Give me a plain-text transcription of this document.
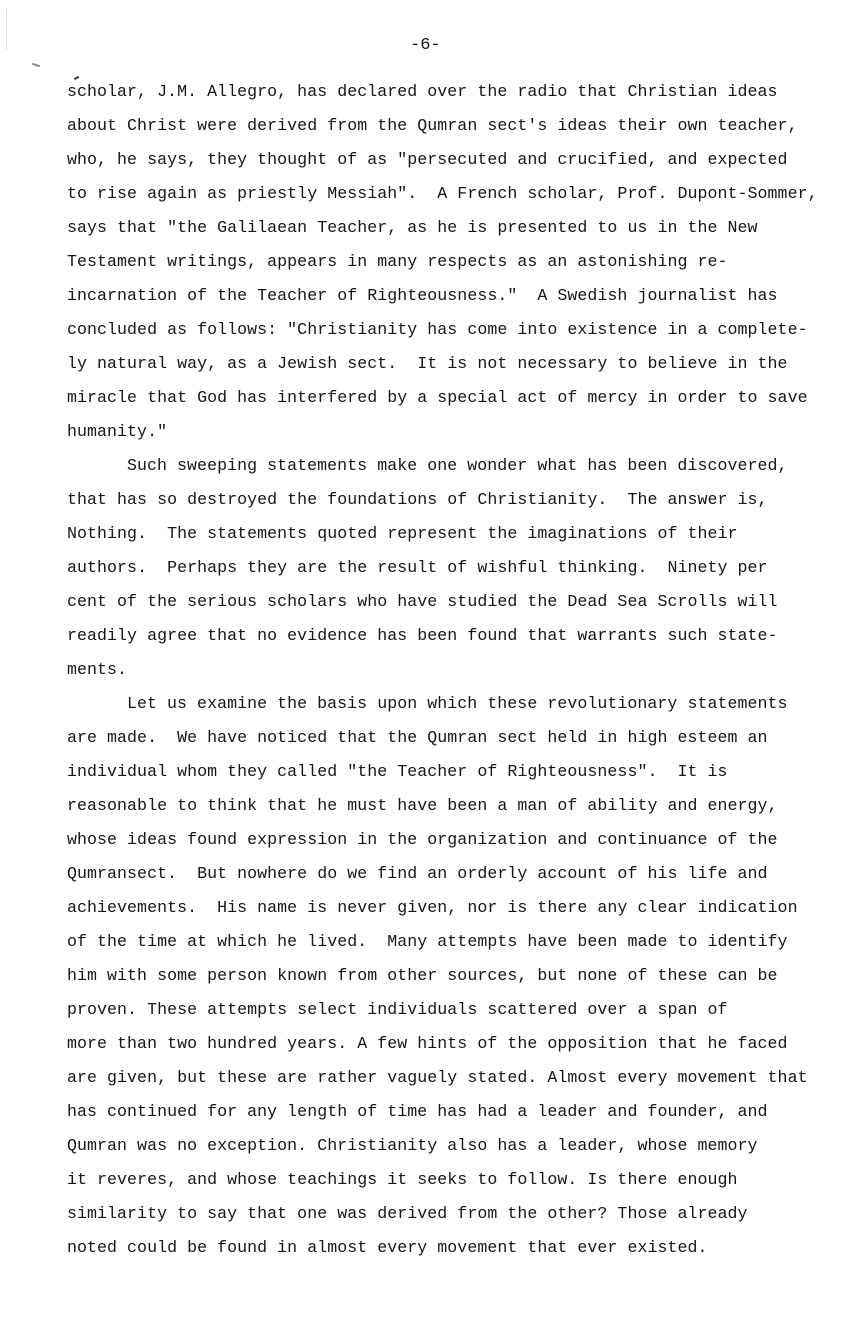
-6-
scholar, J.M. Allegro, has declared over the radio that Christian ideas
about Christ were derived from the Qumran sect's ideas their own teacher,
who, he says, they thought of as "persecuted and crucified, and expected
to rise again as priestly Messiah".  A French scholar, Prof. Dupont-Sommer,
says that "the Galilaean Teacher, as he is presented to us in the New
Testament writings, appears in many respects as an astonishing re-
incarnation of the Teacher of Righteousness."  A Swedish journalist has
concluded as follows: "Christianity has come into existence in a complete-
ly natural way, as a Jewish sect.  It is not necessary to believe in the
miracle that God has interfered by a special act of mercy in order to save
humanity."
Such sweeping statements make one wonder what has been discovered,
that has so destroyed the foundations of Christianity.  The answer is,
Nothing.  The statements quoted represent the imaginations of their
authors.  Perhaps they are the result of wishful thinking.  Ninety per
cent of the serious scholars who have studied the Dead Sea Scrolls will
readily agree that no evidence has been found that warrants such state-
ments.
Let us examine the basis upon which these revolutionary statements
are made.  We have noticed that the Qumran sect held in high esteem an
individual whom they called "the Teacher of Righteousness".  It is
reasonable to think that he must have been a man of ability and energy,
whose ideas found expression in the organization and continuance of the
Qumransect.  But nowhere do we find an orderly account of his life and
achievements.  His name is never given, nor is there any clear indication
of the time at which he lived.  Many attempts have been made to identify
him with some person known from other sources, but none of these can be
proven. These attempts select individuals scattered over a span of
more than two hundred years. A few hints of the opposition that he faced
are given, but these are rather vaguely stated. Almost every movement that
has continued for any length of time has had a leader and founder, and
Qumran was no exception. Christianity also has a leader, whose memory
it reveres, and whose teachings it seeks to follow. Is there enough
similarity to say that one was derived from the other? Those already
noted could be found in almost every movement that ever existed.
